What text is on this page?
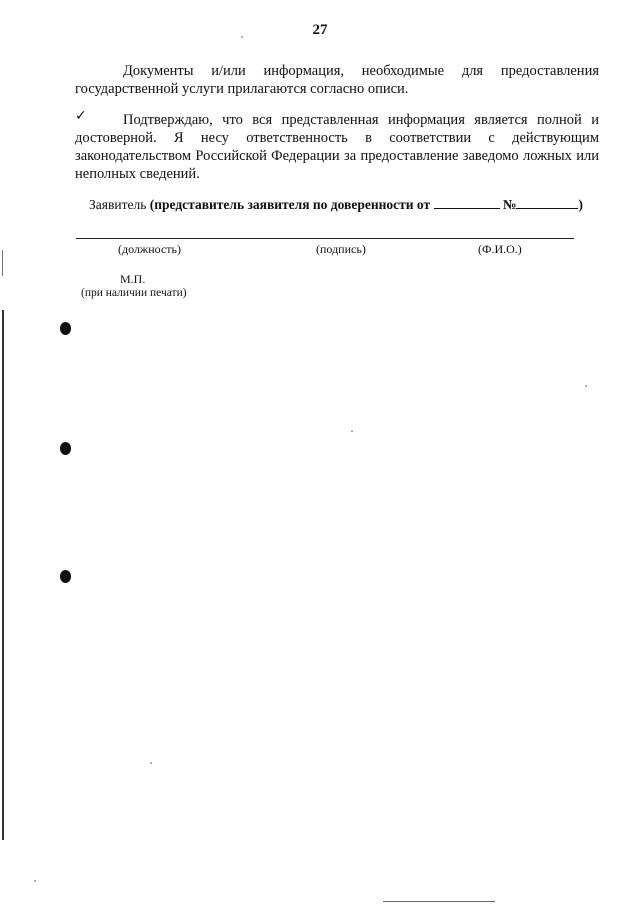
27

Документы и/или информация, необходимые для предоставления государственной услуги прилагаются согласно описи.

✓	Подтверждаю, что вся представленная информация является полной и достоверной. Я несу ответственность в соответствии с действующим законодательством Российской Федерации за предоставление заведомо ложных или неполных сведений.

Заявитель (представитель заявителя по доверенности от	№	)
(должность)	(подпись)	(Ф.И.О.)
М.П.
(при наличии печати)
